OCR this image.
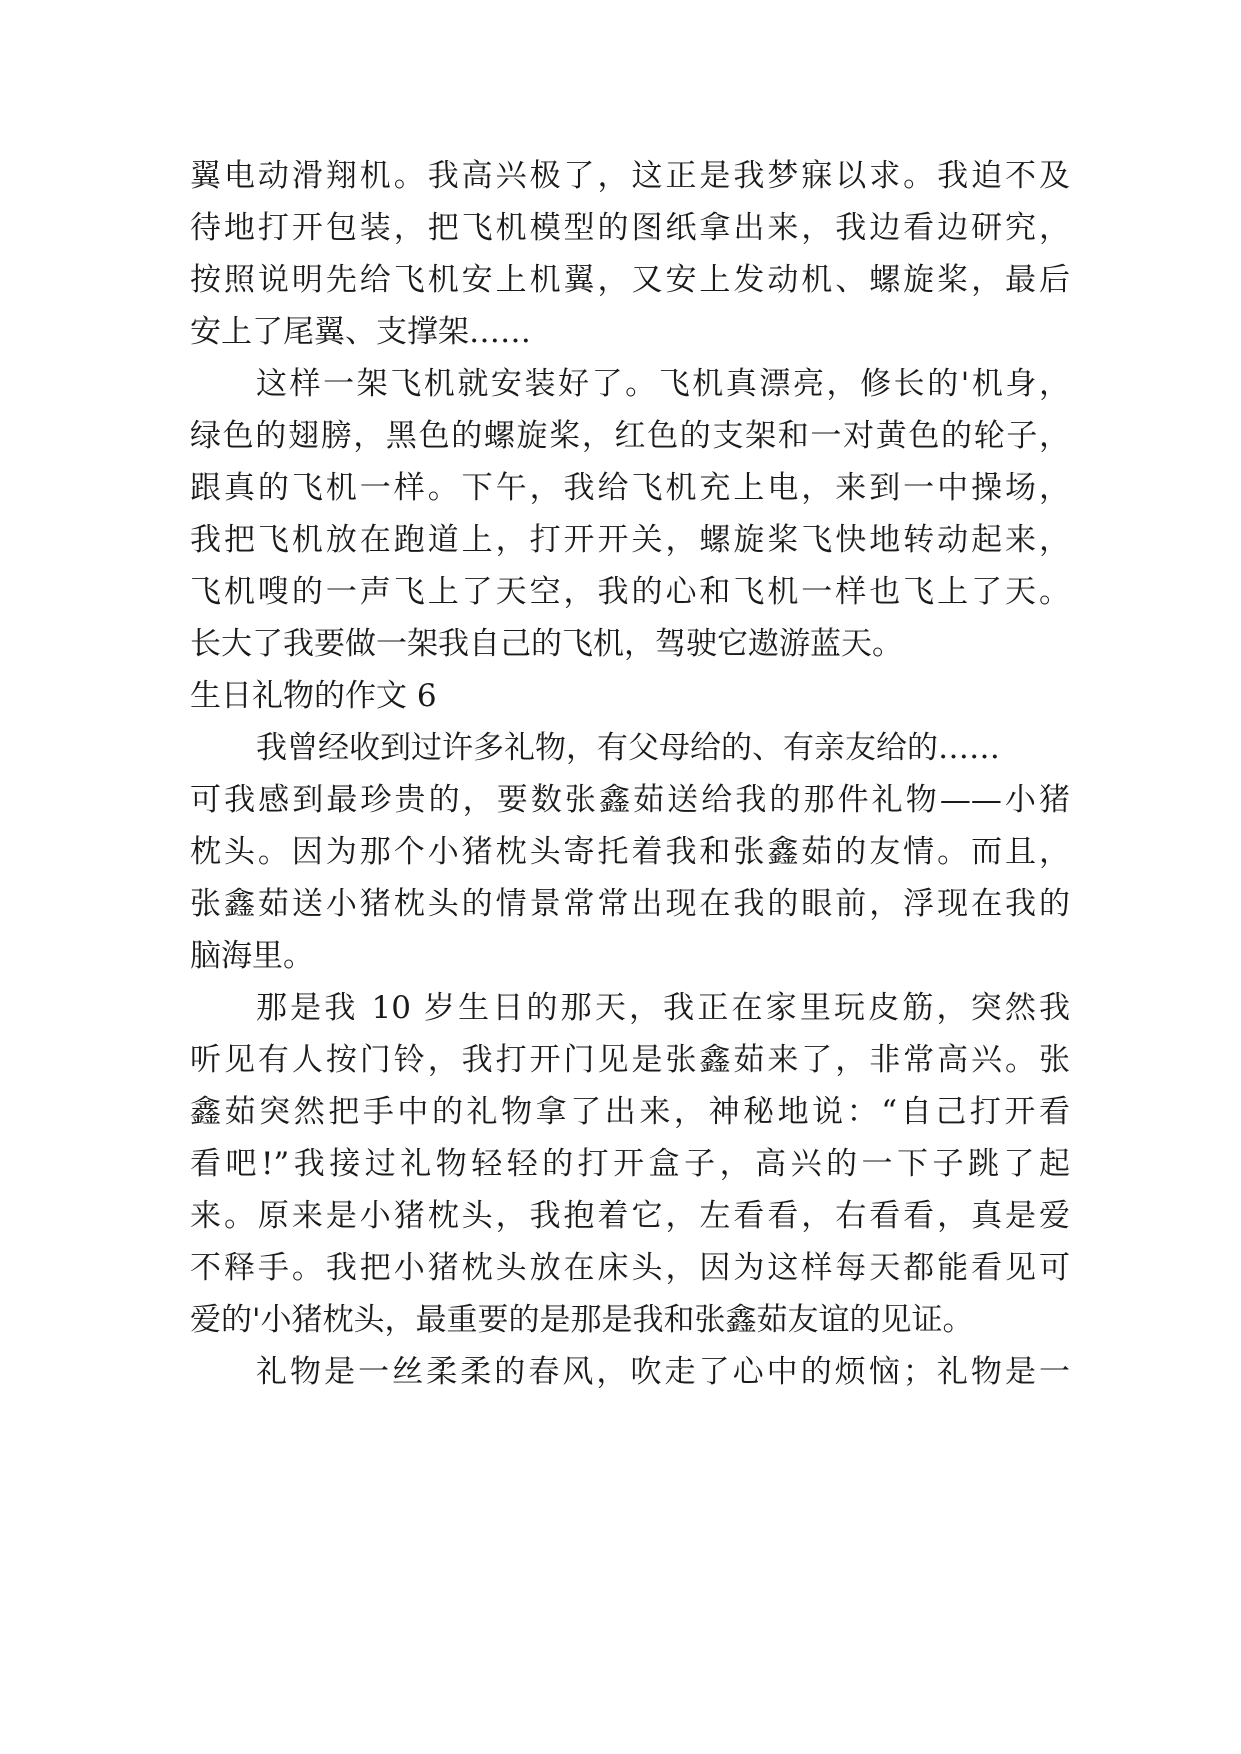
翼电动滑翔机。我高兴极了，这正是我梦寐以求。我迫不及
待地打开包装，把飞机模型的图纸拿出来，我边看边研究，
按照说明先给飞机安上机翼，又安上发动机、螺旋桨，最后
安上了尾翼、支撑架……
这样一架飞机就安装好了。飞机真漂亮，修长的'机身，
绿色的翅膀，黑色的螺旋桨，红色的支架和一对黄色的轮子，
跟真的飞机一样。下午，我给飞机充上电，来到一中操场，
我把飞机放在跑道上，打开开关，螺旋桨飞快地转动起来，
飞机嗖的一声飞上了天空，我的心和飞机一样也飞上了天。
长大了我要做一架我自己的飞机，驾驶它遨游蓝天。
生日礼物的作文 6
我曾经收到过许多礼物，有父母给的、有亲友给的……
可我感到最珍贵的，要数张鑫茹送给我的那件礼物——小猪
枕头。因为那个小猪枕头寄托着我和张鑫茹的友情。而且，
张鑫茹送小猪枕头的情景常常出现在我的眼前，浮现在我的
脑海里。
那是我 10 岁生日的那天，我正在家里玩皮筋，突然我
听见有人按门铃，我打开门见是张鑫茹来了，非常高兴。张
鑫茹突然把手中的礼物拿了出来，神秘地说：“自己打开看
看吧!”我接过礼物轻轻的打开盒子，高兴的一下子跳了起
来。原来是小猪枕头，我抱着它，左看看，右看看，真是爱
不释手。我把小猪枕头放在床头，因为这样每天都能看见可
爱的'小猪枕头，最重要的是那是我和张鑫茹友谊的见证。
礼物是一丝柔柔的春风，吹走了心中的烦恼；礼物是一
